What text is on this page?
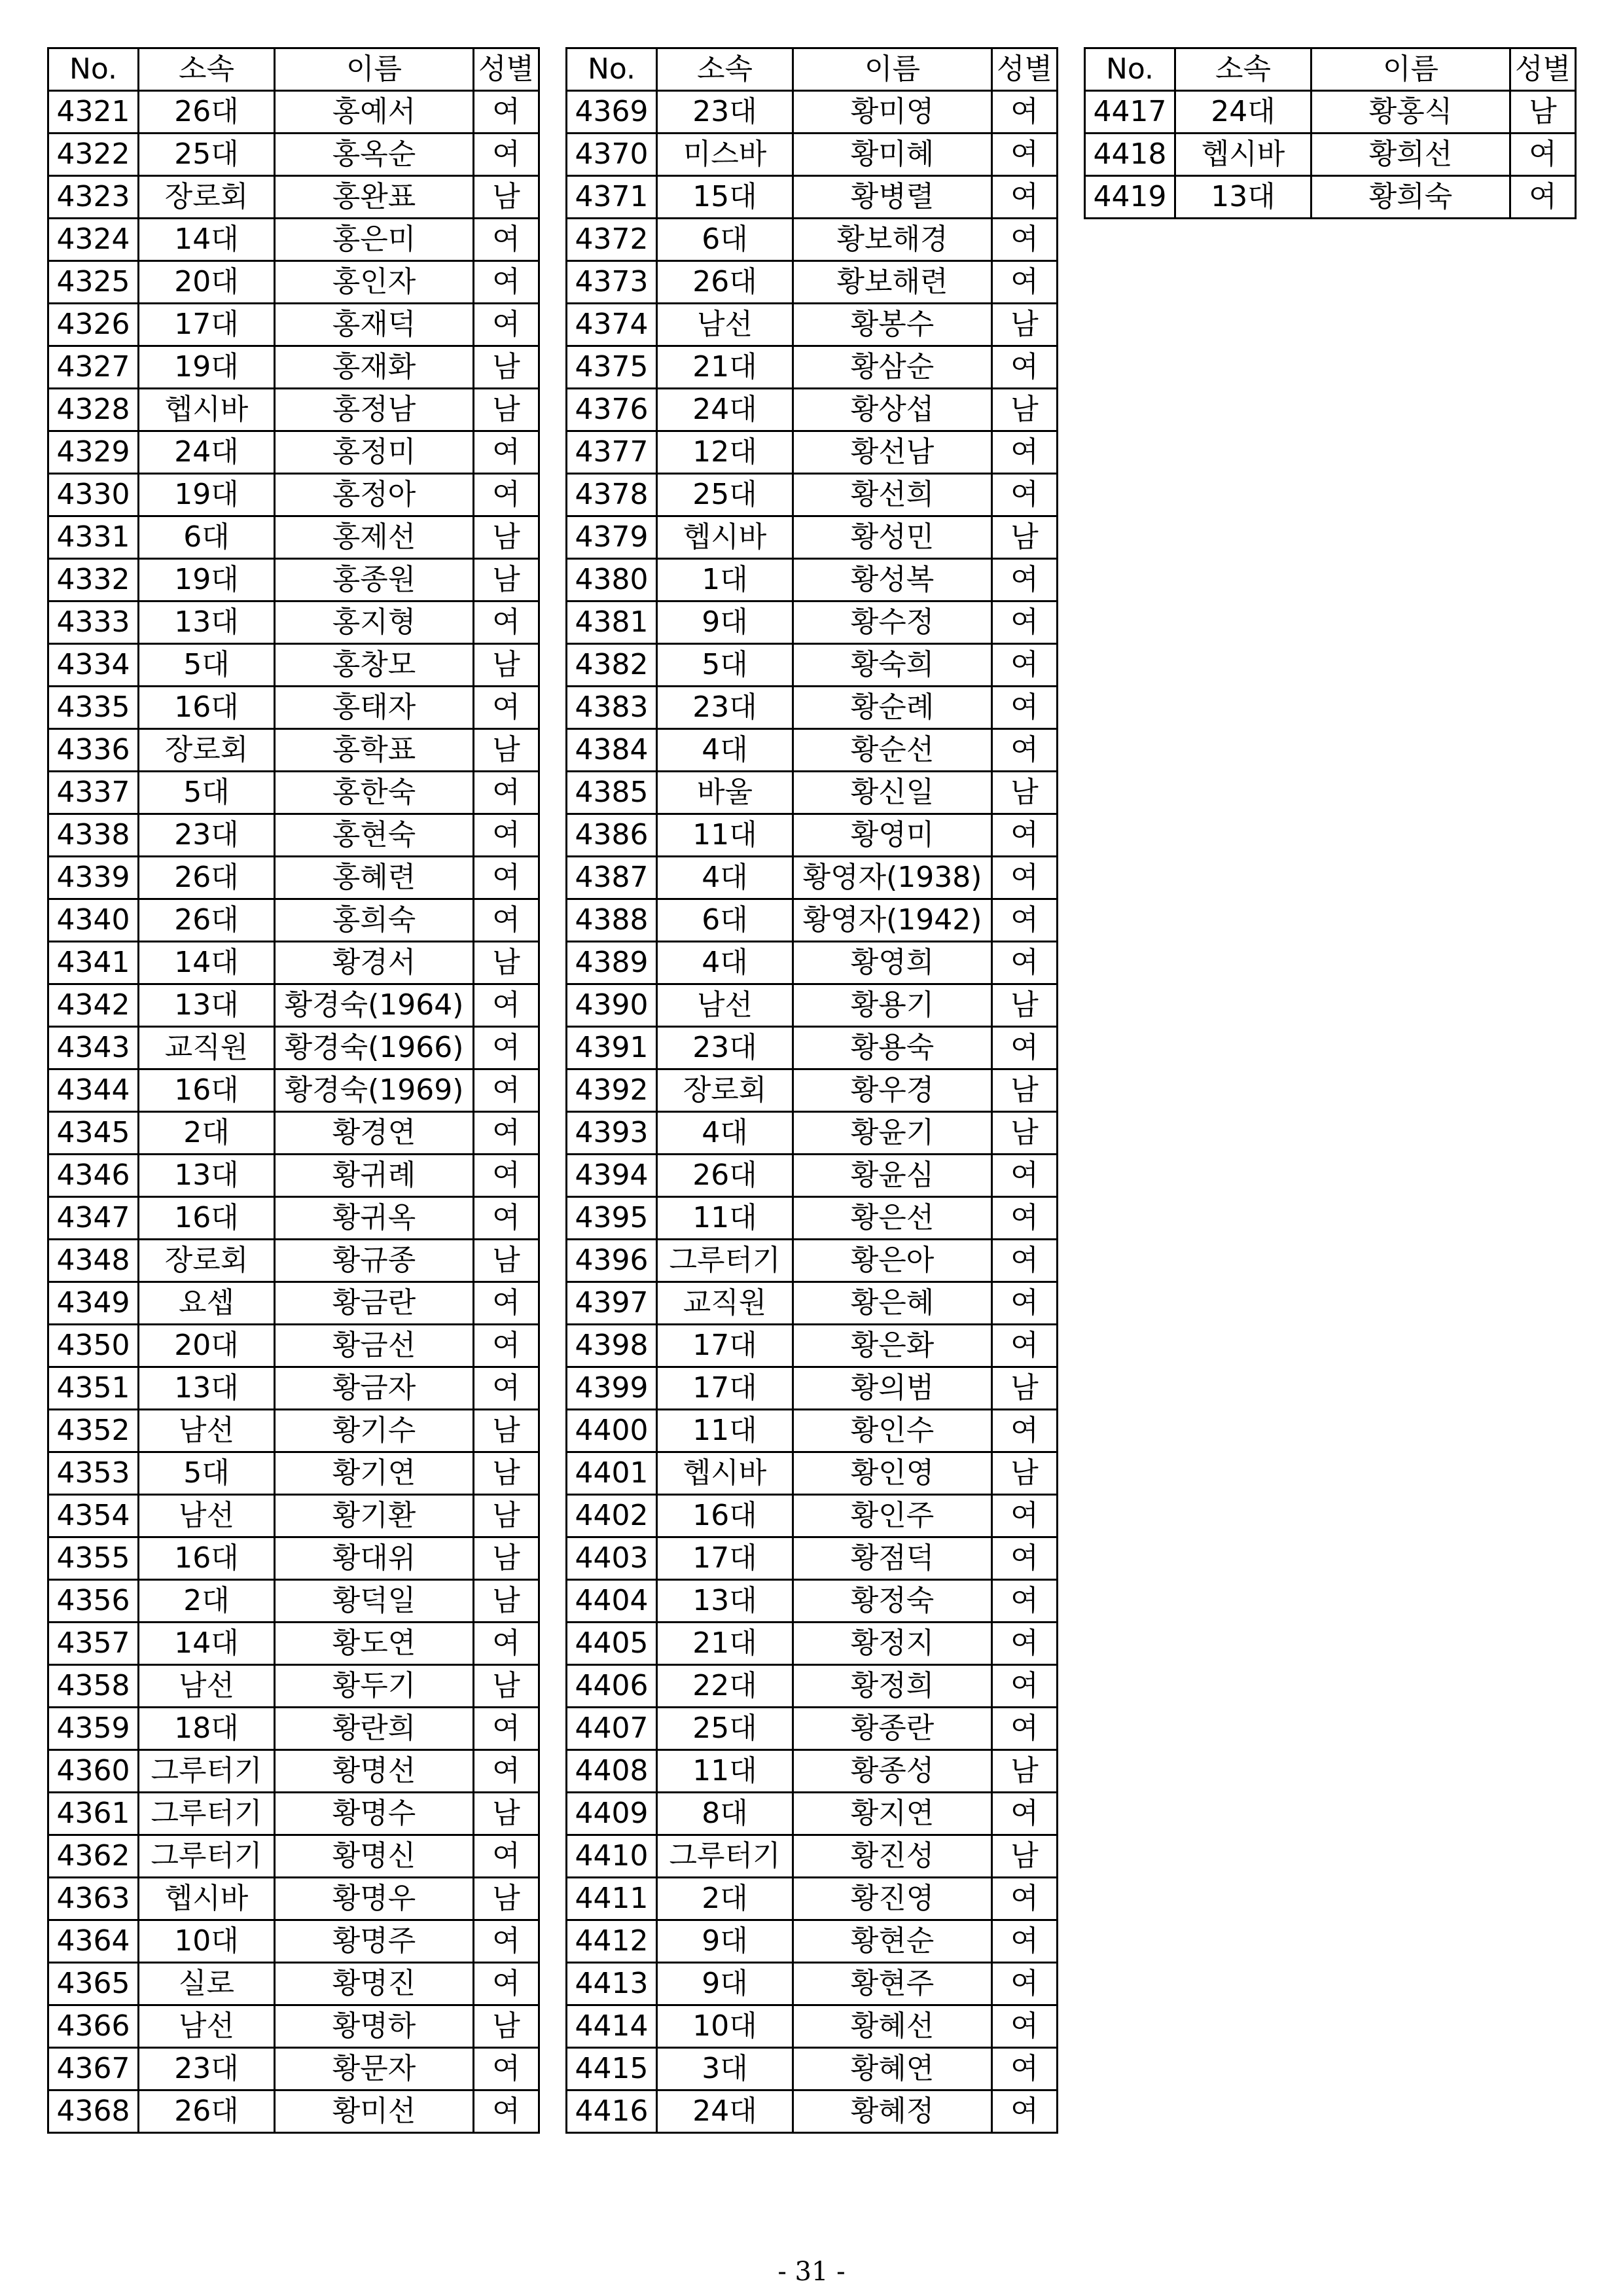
No.	소속	이름	성별
4321	26대	홍예서	여
4322	25대	홍옥순	여
4323	장로회	홍완표	남
4324	14대	홍은미	여
4325	20대	홍인자	여
4326	17대	홍재덕	여
4327	19대	홍재화	남
4328	헵시바	홍정남	남
4329	24대	홍정미	여
4330	19대	홍정아	여
4331	6대	홍제선	남
4332	19대	홍종원	남
4333	13대	홍지형	여
4334	5대	홍창모	남
4335	16대	홍태자	여
4336	장로회	홍학표	남
4337	5대	홍한숙	여
4338	23대	홍현숙	여
4339	26대	홍혜련	여
4340	26대	홍희숙	여
4341	14대	황경서	남
4342	13대	황경숙(1964)	여
4343	교직원	황경숙(1966)	여
4344	16대	황경숙(1969)	여
4345	2대	황경연	여
4346	13대	황귀례	여
4347	16대	황귀옥	여
4348	장로회	황규종	남
4349	요셉	황금란	여
4350	20대	황금선	여
4351	13대	황금자	여
4352	남선	황기수	남
4353	5대	황기연	남
4354	남선	황기환	남
4355	16대	황대위	남
4356	2대	황덕일	남
4357	14대	황도연	여
4358	남선	황두기	남
4359	18대	황란희	여
4360	그루터기	황명선	여
4361	그루터기	황명수	남
4362	그루터기	황명신	여
4363	헵시바	황명우	남
4364	10대	황명주	여
4365	실로	황명진	여
4366	남선	황명하	남
4367	23대	황문자	여
4368	26대	황미선	여
No.	소속	이름	성별
4369	23대	황미영	여
4370	미스바	황미혜	여
4371	15대	황병렬	여
4372	6대	황보해경	여
4373	26대	황보해련	여
4374	남선	황봉수	남
4375	21대	황삼순	여
4376	24대	황상섭	남
4377	12대	황선남	여
4378	25대	황선희	여
4379	헵시바	황성민	남
4380	1대	황성복	여
4381	9대	황수정	여
4382	5대	황숙희	여
4383	23대	황순례	여
4384	4대	황순선	여
4385	바울	황신일	남
4386	11대	황영미	여
4387	4대	황영자(1938)	여
4388	6대	황영자(1942)	여
4389	4대	황영희	여
4390	남선	황용기	남
4391	23대	황용숙	여
4392	장로회	황우경	남
4393	4대	황윤기	남
4394	26대	황윤심	여
4395	11대	황은선	여
4396	그루터기	황은아	여
4397	교직원	황은혜	여
4398	17대	황은화	여
4399	17대	황의범	남
4400	11대	황인수	여
4401	헵시바	황인영	남
4402	16대	황인주	여
4403	17대	황점덕	여
4404	13대	황정숙	여
4405	21대	황정지	여
4406	22대	황정희	여
4407	25대	황종란	여
4408	11대	황종성	남
4409	8대	황지연	여
4410	그루터기	황진성	남
4411	2대	황진영	여
4412	9대	황현순	여
4413	9대	황현주	여
4414	10대	황혜선	여
4415	3대	황혜연	여
4416	24대	황혜정	여
No.	소속	이름	성별
4417	24대	황홍식	남
4418	헵시바	황희선	여
4419	13대	황희숙	여
- 31 -
